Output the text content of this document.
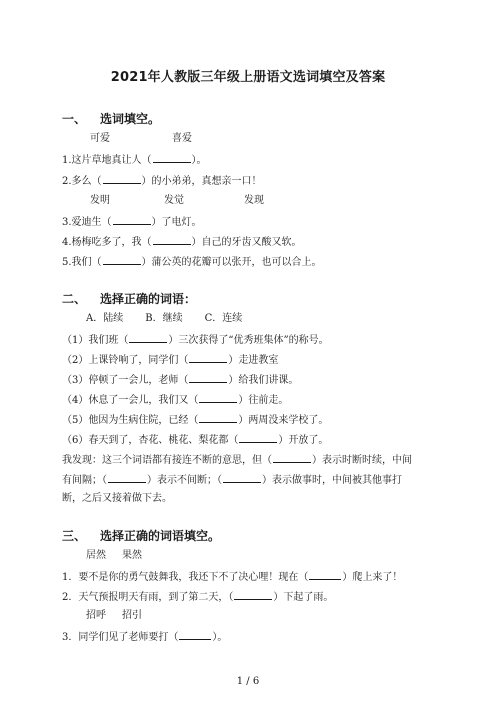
2021年人教版三年级上册语文选词填空及答案
一、 选词填空。
可爱	喜爱
1.这片草地真让人（	）。
2.多么（	）的小弟弟，真想亲一口！
发明	发觉	发现
3.爱迪生（	）了电灯。
4.杨梅吃多了，我（	）自己的牙齿又酸又软。
5.我们（	）蒲公英的花瓣可以张开，也可以合上。
二、 选择正确的词语：
A．陆续 B．继续 C．连续
（1）我们班（	）三次获得了“优秀班集体”的称号。
（2）上课铃响了，同学们（	）走进教室
（3）停顿了一会儿，老师（	）给我们讲课。
（4）休息了一会儿，我们又（	）往前走。
（5）他因为生病住院，已经（	）两周没来学校了。
（6）春天到了，杏花、桃花、梨花都（	）开放了。
我发现：这三个词语都有接连不断的意思，但（	）表示时断时续，中间
有间隔；（	）表示不间断；（	）表示做事时，中间被其他事打
断，之后又接着做下去。
三、 选择正确的词语填空。
居然 果然
1．要不是你的勇气鼓舞我，我还下不了决心哩！现在（	）爬上来了！
2．天气预报明天有雨，到了第二天，（	）下起了雨。
招呼 招引
3．同学们见了老师要打（	）。
1 / 6
